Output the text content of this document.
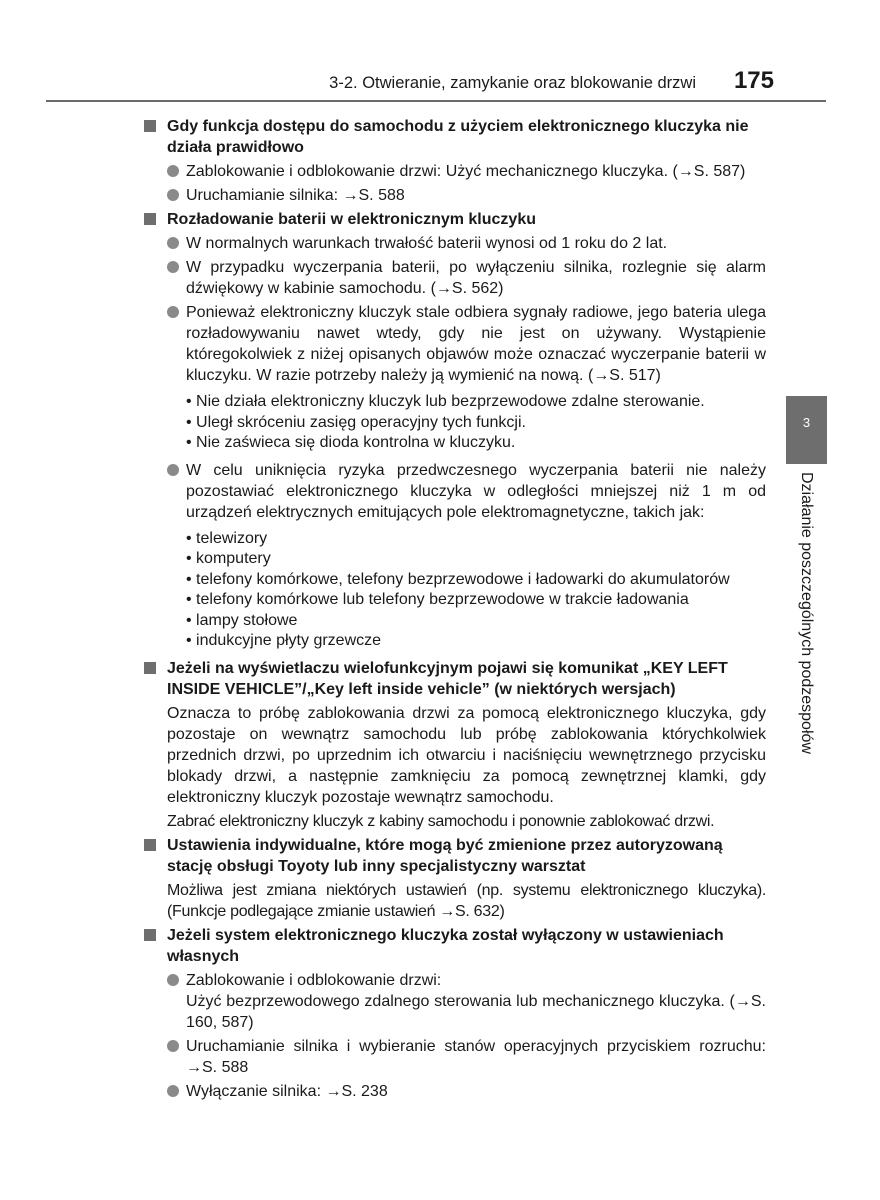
3-2. Otwieranie, zamykanie oraz blokowanie drzwi 175
3
Działanie poszczególnych podzespołów
Gdy funkcja dostępu do samochodu z użyciem elektronicznego kluczyka nie działa prawidłowo
Zablokowanie i odblokowanie drzwi: Użyć mechanicznego kluczyka. (→S. 587)
Uruchamianie silnika: →S. 588
Rozładowanie baterii w elektronicznym kluczyku
W normalnych warunkach trwałość baterii wynosi od 1 roku do 2 lat.
W przypadku wyczerpania baterii, po wyłączeniu silnika, rozlegnie się alarm dźwiękowy w kabinie samochodu. (→S. 562)
Ponieważ elektroniczny kluczyk stale odbiera sygnały radiowe, jego bateria ulega rozładowywaniu nawet wtedy, gdy nie jest on używany. Wystąpienie któregokolwiek z niżej opisanych objawów może oznaczać wyczerpanie baterii w kluczyku. W razie potrzeby należy ją wymienić na nową. (→S. 517)

• Nie działa elektroniczny kluczyk lub bezprzewodowe zdalne sterowanie.

• Uległ skróceniu zasięg operacyjny tych funkcji.

• Nie zaświeca się dioda kontrolna w kluczyku.

W celu uniknięcia ryzyka przedwczesnego wyczerpania baterii nie należy pozostawiać elektronicznego kluczyka w odległości mniejszej niż 1 m od urządzeń elektrycznych emitujących pole elektromagnetyczne, takich jak:

• telewizory

• komputery

• telefony komórkowe, telefony bezprzewodowe i ładowarki do akumulatorów

• telefony komórkowe lub telefony bezprzewodowe w trakcie ładowania

• lampy stołowe

• indukcyjne płyty grzewcze

Jeżeli na wyświetlaczu wielofunkcyjnym pojawi się komunikat „KEY LEFT INSIDE VEHICLE”/„Key left inside vehicle” (w niektórych wersjach)

Oznacza to próbę zablokowania drzwi za pomocą elektronicznego kluczyka, gdy pozostaje on wewnątrz samochodu lub próbę zablokowania którychkolwiek przednich drzwi, po uprzednim ich otwarciu i naciśnięciu wewnętrznego przycisku blokady drzwi, a następnie zamknięciu za pomocą zewnętrznej klamki, gdy elektroniczny kluczyk pozostaje wewnątrz samochodu.

Zabrać elektroniczny kluczyk z kabiny samochodu i ponownie zablokować drzwi.

Ustawienia indywidualne, które mogą być zmienione przez autoryzowaną stację obsługi Toyoty lub inny specjalistyczny warsztat

Możliwa jest zmiana niektórych ustawień (np. systemu elektronicznego kluczyka). (Funkcje podlegające zmianie ustawień →S. 632)

Jeżeli system elektronicznego kluczyka został wyłączony w ustawieniach własnych
Zablokowanie i odblokowanie drzwi:
Użyć bezprzewodowego zdalnego sterowania lub mechanicznego kluczyka. (→S. 160, 587)
Uruchamianie silnika i wybieranie stanów operacyjnych przyciskiem rozruchu: →S. 588
Wyłączanie silnika: →S. 238
